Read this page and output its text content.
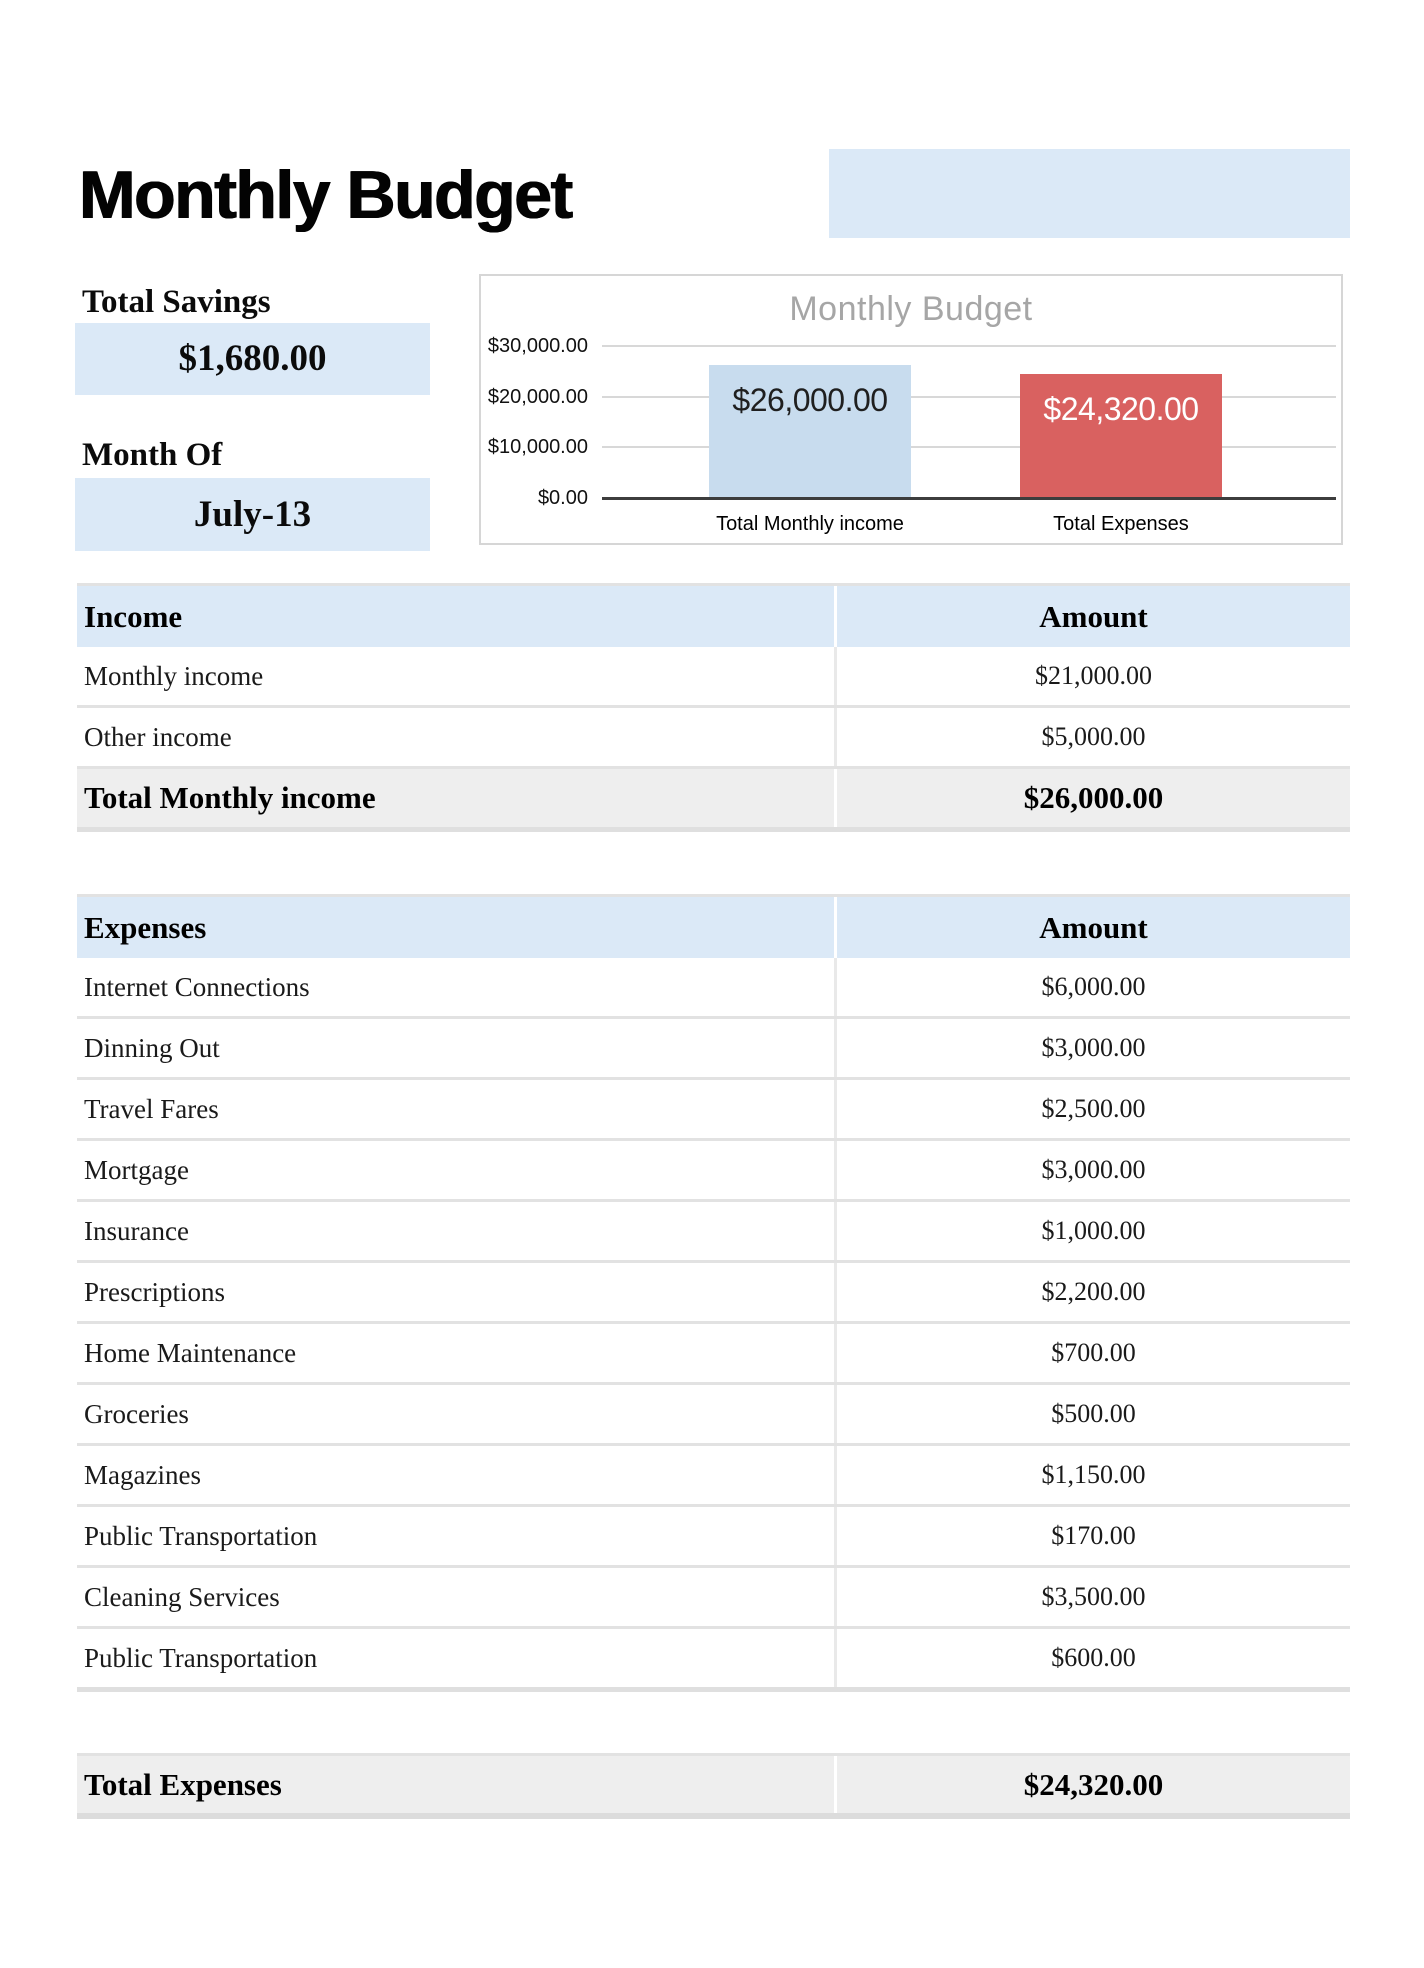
Monthly Budget
Total Savings
$1,680.00
Month Of
July-13
Monthly Budget
$30,000.00
$20,000.00
$10,000.00
$0.00
$26,000.00
Total Monthly income
$24,320.00
Total Expenses
Income	Amount
Monthly income	$21,000.00
Other income	$5,000.00
Total Monthly income	$26,000.00
Expenses	Amount
Internet Connections	$6,000.00
Dinning Out	$3,000.00
Travel Fares	$2,500.00
Mortgage	$3,000.00
Insurance	$1,000.00
Prescriptions	$2,200.00
Home Maintenance	$700.00
Groceries	$500.00
Magazines	$1,150.00
Public Transportation	$170.00
Cleaning Services	$3,500.00
Public Transportation	$600.00
Total Expenses	$24,320.00
